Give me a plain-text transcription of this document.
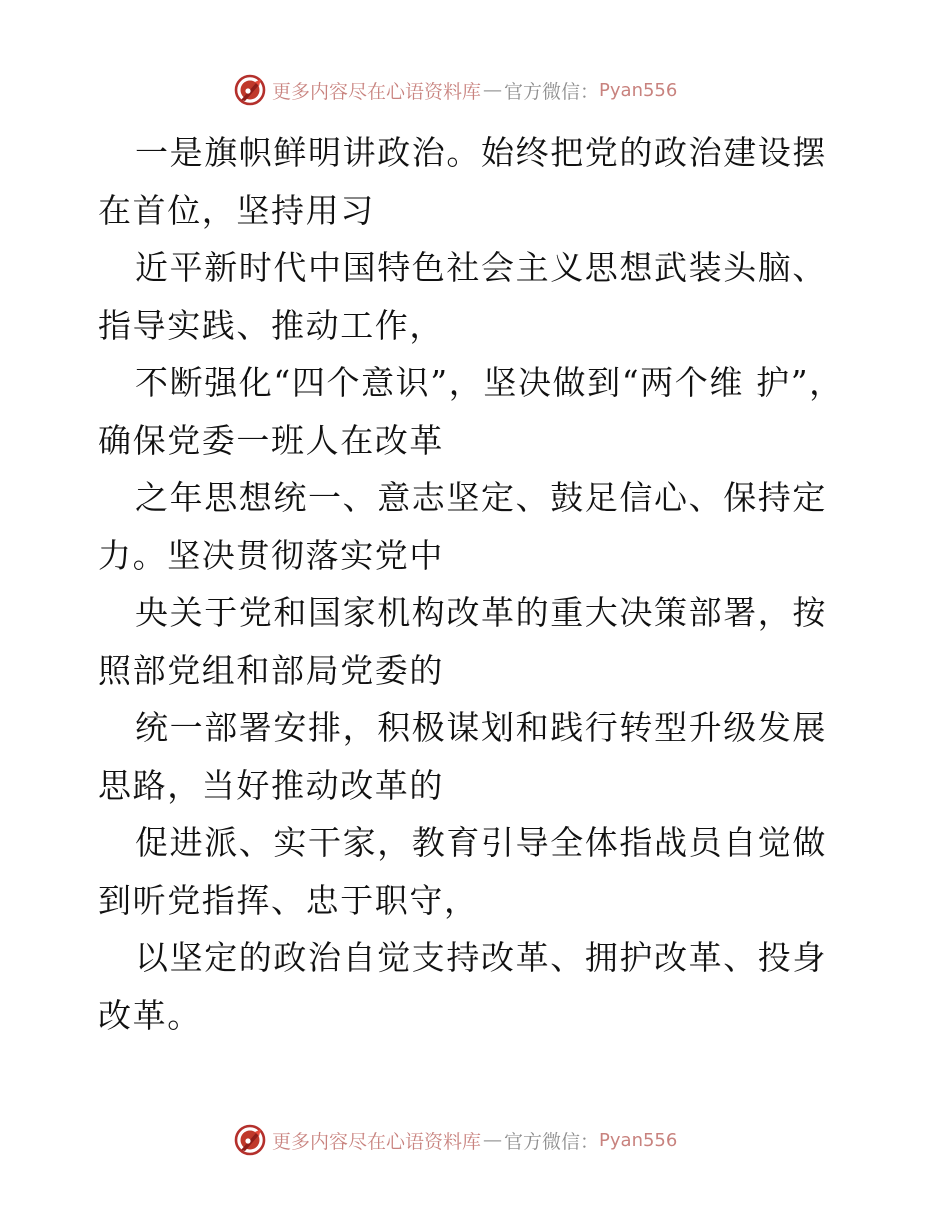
更多内容尽在心语资料库 — 官方微信： Pyan556

一是旗帜鲜明讲政治。始终把党的政治建设摆在首位，坚持用习

近平新时代中国特色社会主义思想武装头脑、指导实践、推动工作，

不断强化“四个意识”，坚决做到“两个维 护”，确保党委一班人在改革

之年思想统一、意志坚定、鼓足信心、保持定力。坚决贯彻落实党中

央关于党和国家机构改革的重大决策部署，按照部党组和部局党委的

统一部署安排，积极谋划和践行转型升级发展思路，当好推动改革的

促进派、实干家，教育引导全体指战员自觉做到听党指挥、忠于职守，

以坚定的政治自觉支持改革、拥护改革、投身改革。

更多内容尽在心语资料库 — 官方微信： Pyan556
